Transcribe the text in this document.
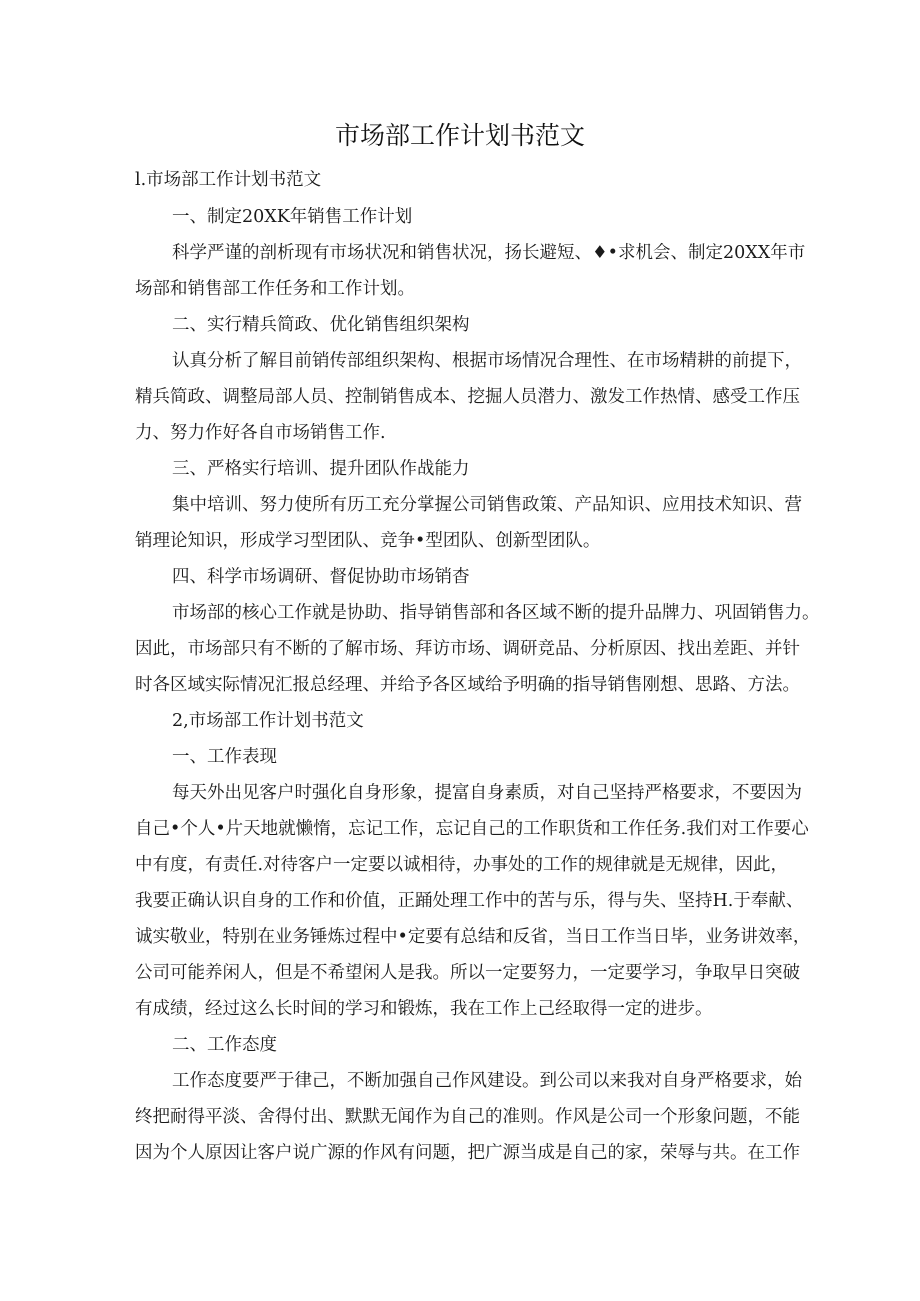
市场部工作计划书范文

l.市场部工作计划书范文

一、制定20XK年销售工作计划

科学严谨的剖析现有市场状况和销售状况，扬长避短、♦•求机会、制定20XX年市

场部和销售部工作任务和工作计划。

二、实行精兵简政、优化销售组织架构

认真分析了解目前销传部组织架构、根据市场情况合理性、在市场精耕的前提下，

精兵简政、调整局部人员、控制销售成本、挖掘人员潜力、激发工作热情、感受工作压

力、努力作好各自市场销售工作.

三、严格实行培训、提升团队作战能力

集中培训、努力使所有历工充分掌握公司销售政策、产品知识、应用技术知识、营

销理论知识，形成学习型团队、竞争•型团队、创新型团队。

四、科学市场调研、督促协助市场销杳

市场部的核心工作就是协助、指导销售部和各区域不断的提升品牌力、巩固销售力。

因此，市场部只有不断的了解市场、拜访市场、调研竞品、分析原因、找出差距、并针

时各区域实际情况汇报总经理、并给予各区域给予明确的指导销售刚想、思路、方法。

2,市场部工作计划书范文

一、工作表现

每天外出见客户时强化自身形象，提富自身素质，对自己坚持严格要求，不要因为

自己•个人•片天地就懒惰，忘记工作，忘记自己的工作职货和工作任务.我们对工作要心

中有度，有责任.对待客户一定要以诚相待，办事处的工作的规律就是无规律，因此，

我要正确认识自身的工作和价值，正踊处理工作中的苦与乐，得与失、坚持H.于奉献、

诚实敬业，特别在业务锤炼过程中•定要有总结和反省，当日工作当日毕，业务讲效率，

公司可能养闲人，但是不希望闲人是我。所以一定要努力，一定要学习，争取早日突破

有成绩，经过这么长时间的学习和锻炼，我在工作上己经取得一定的进步。

二、工作态度

工作态度要严于律己，不断加强自己作风建设。到公司以来我对自身严格要求，始

终把耐得平淡、舍得付出、默默无闻作为自己的准则。作风是公司一个形象问题，不能

因为个人原因让客户说广源的作风有问题，把广源当成是自己的家，荣辱与共。在工作
